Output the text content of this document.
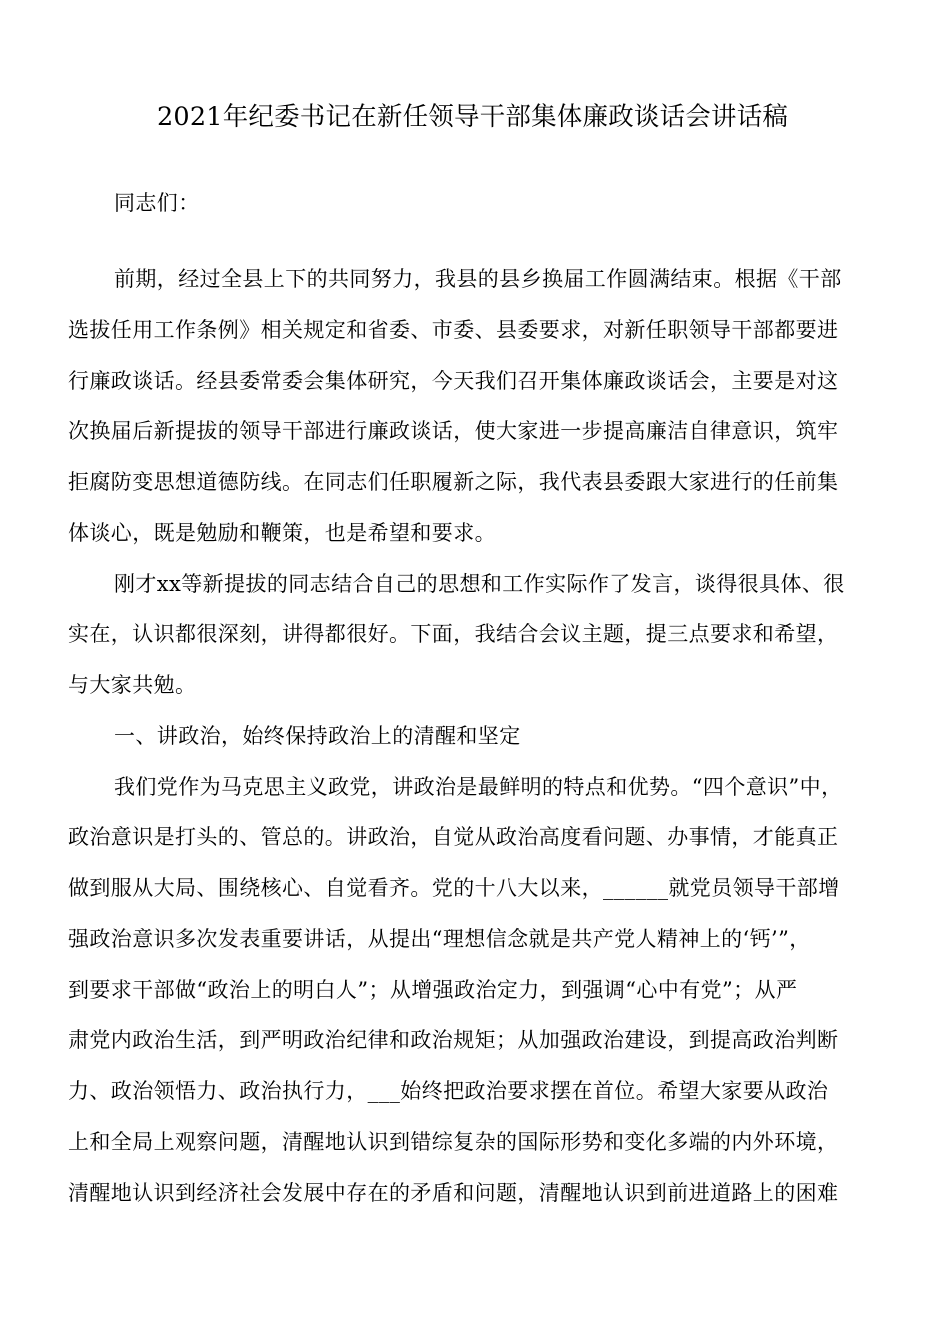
2021年纪委书记在新任领导干部集体廉政谈话会讲话稿
同志们：
前期，经过全县上下的共同努力，我县的县乡换届工作圆满结束。根据《干部
选拔任用工作条例》相关规定和省委、市委、县委要求，对新任职领导干部都要进
行廉政谈话。经县委常委会集体研究，今天我们召开集体廉政谈话会，主要是对这
次换届后新提拔的领导干部进行廉政谈话，使大家进一步提高廉洁自律意识，筑牢
拒腐防变思想道德防线。在同志们任职履新之际，我代表县委跟大家进行的任前集
体谈心，既是勉励和鞭策，也是希望和要求。
刚才xx等新提拔的同志结合自己的思想和工作实际作了发言，谈得很具体、很
实在，认识都很深刻，讲得都很好。下面，我结合会议主题，提三点要求和希望，
与大家共勉。
一、讲政治，始终保持政治上的清醒和坚定
我们党作为马克思主义政党，讲政治是最鲜明的特点和优势。“四个意识”中，
政治意识是打头的、管总的。讲政治，自觉从政治高度看问题、办事情，才能真正
做到服从大局、围绕核心、自觉看齐。党的十八大以来，______就党员领导干部增
强政治意识多次发表重要讲话，从提出“理想信念就是共产党人精神上的‘钙’”，
到要求干部做“政治上的明白人”；从增强政治定力，到强调“心中有党”；从严
肃党内政治生活，到严明政治纪律和政治规矩；从加强政治建设，到提高政治判断
力、政治领悟力、政治执行力，___始终把政治要求摆在首位。希望大家要从政治
上和全局上观察问题，清醒地认识到错综复杂的国际形势和变化多端的内外环境，
清醒地认识到经济社会发展中存在的矛盾和问题，清醒地认识到前进道路上的困难
